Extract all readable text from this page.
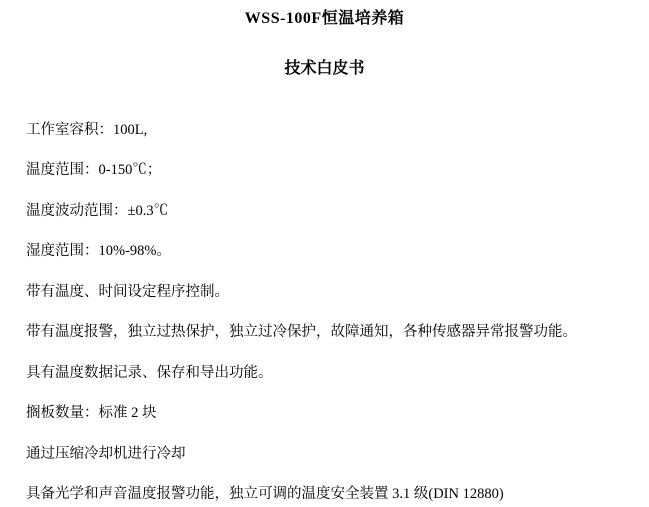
WSS-100F恒温培养箱
技术白皮书

工作室容积：100L,

温度范围：0-150℃；

温度波动范围：±0.3℃

湿度范围：10%-98%。

带有温度、时间设定程序控制。

带有温度报警，独立过热保护，独立过冷保护，故障通知，各种传感器异常报警功能。

具有温度数据记录、保存和导出功能。

搁板数量：标准 2 块

通过压缩冷却机进行冷却

具备光学和声音温度报警功能，独立可调的温度安全装置 3.1 级(DIN 12880)
